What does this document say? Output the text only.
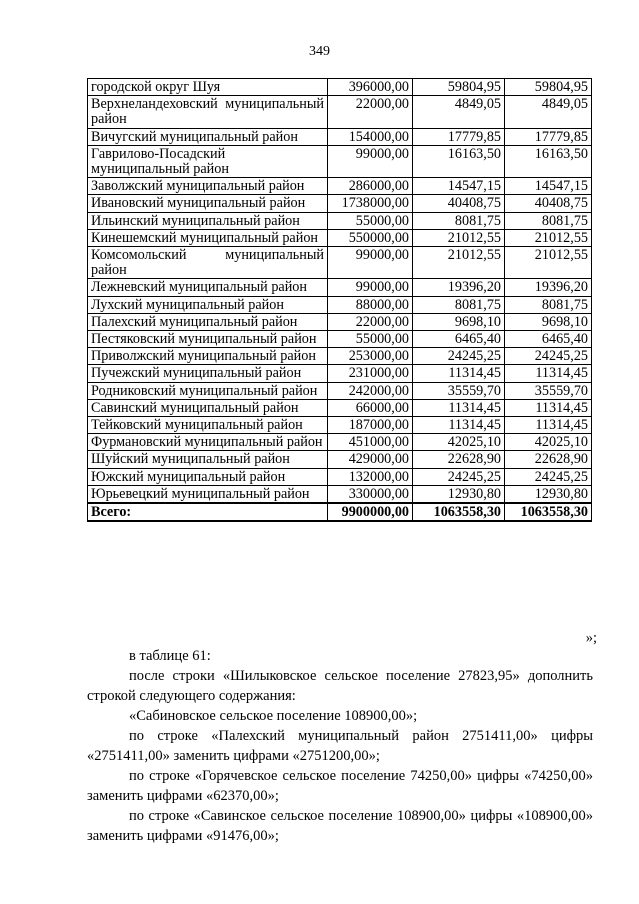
349
городской округ Шуя	396000,00	59804,95	59804,95
Верхнеландеховский муниципальный район	22000,00	4849,05	4849,05
Вичугский муниципальный район	154000,00	17779,85	17779,85
Гаврилово-Посадский муниципальный район	99000,00	16163,50	16163,50
Заволжский муниципальный район	286000,00	14547,15	14547,15
Ивановский муниципальный район	1738000,00	40408,75	40408,75
Ильинский муниципальный район	55000,00	8081,75	8081,75
Кинешемский муниципальный район	550000,00	21012,55	21012,55
Комсомольский муниципальный район	99000,00	21012,55	21012,55
Лежневский муниципальный район	99000,00	19396,20	19396,20
Лухский муниципальный район	88000,00	8081,75	8081,75
Палехский муниципальный район	22000,00	9698,10	9698,10
Пестяковский муниципальный район	55000,00	6465,40	6465,40
Приволжский муниципальный район	253000,00	24245,25	24245,25
Пучежский муниципальный район	231000,00	11314,45	11314,45
Родниковский муниципальный район	242000,00	35559,70	35559,70
Савинский муниципальный район	66000,00	11314,45	11314,45
Тейковский муниципальный район	187000,00	11314,45	11314,45
Фурмановский муниципальный район	451000,00	42025,10	42025,10
Шуйский муниципальный район	429000,00	22628,90	22628,90
Южский муниципальный район	132000,00	24245,25	24245,25
Юрьевецкий муниципальный район	330000,00	12930,80	12930,80
Всего:	9900000,00	1063558,30	1063558,30
»;

в таблице 61:

после строки «Шилыковское сельское поселение 27823,95» дополнить строкой следующего содержания:

«Сабиновское сельское поселение 108900,00»;

по строке «Палехский муниципальный район 2751411,00» цифры «2751411,00» заменить цифрами «2751200,00»;

по строке «Горячевское сельское поселение 74250,00» цифры «74250,00» заменить цифрами «62370,00»;

по строке «Савинское сельское поселение 108900,00» цифры «108900,00» заменить цифрами «91476,00»;
